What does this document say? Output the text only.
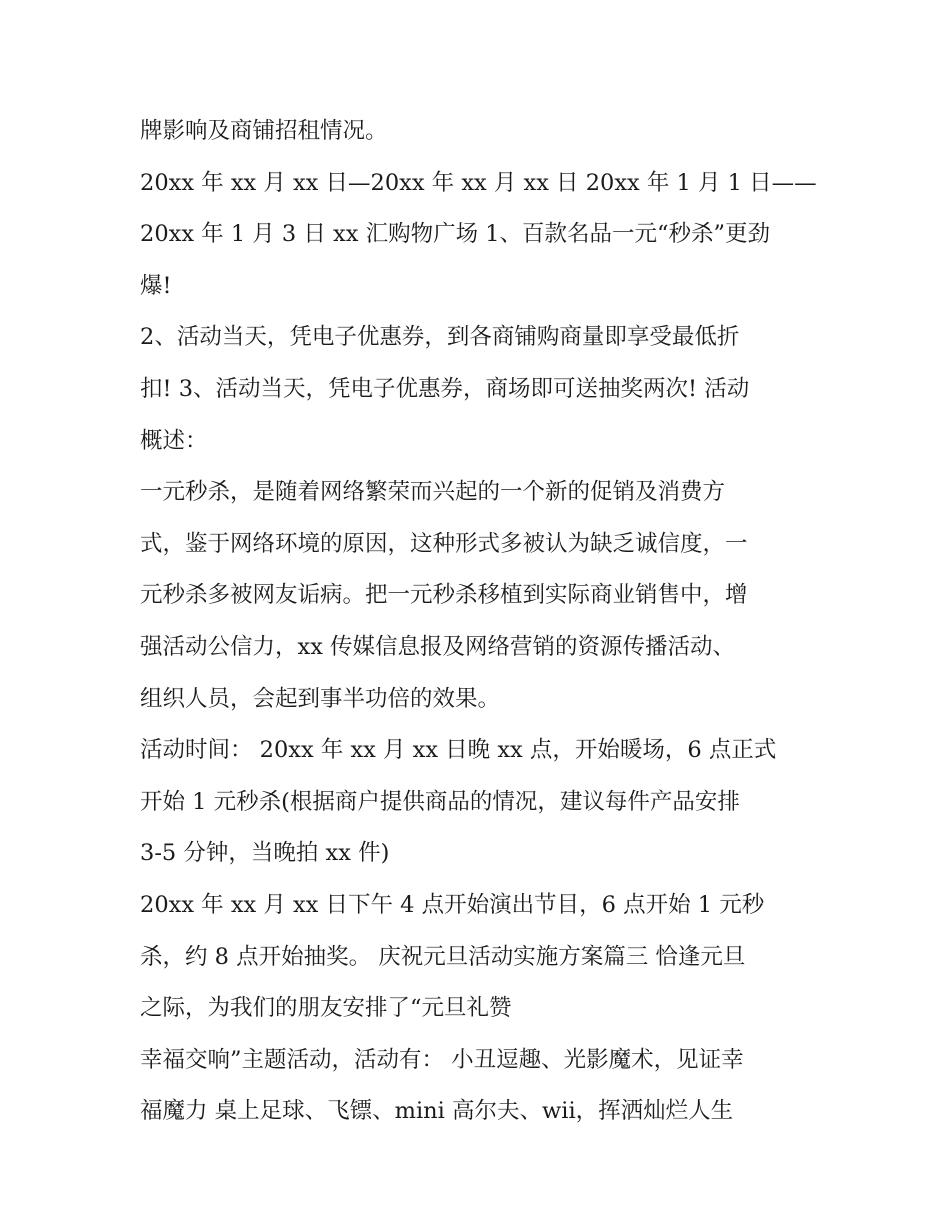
牌影响及商铺招租情况。
20xx 年 xx 月 xx 日—20xx 年 xx 月 xx 日 20xx 年 1 月 1 日——
20xx 年 1 月 3 日 xx 汇购物广场 1、百款名品一元“秒杀”更劲
爆!
2、活动当天，凭电子优惠券，到各商铺购商量即享受最低折
扣! 3、活动当天，凭电子优惠券，商场即可送抽奖两次! 活动
概述：
一元秒杀，是随着网络繁荣而兴起的一个新的促销及消费方
式，鉴于网络环境的原因，这种形式多被认为缺乏诚信度，一
元秒杀多被网友诟病。把一元秒杀移植到实际商业销售中，增
强活动公信力，xx 传媒信息报及网络营销的资源传播活动、
组织人员，会起到事半功倍的效果。
活动时间： 20xx 年 xx 月 xx 日晚 xx 点，开始暖场，6 点正式
开始 1 元秒杀(根据商户提供商品的情况，建议每件产品安排
3-5 分钟，当晚拍 xx 件)
20xx 年 xx 月 xx 日下午 4 点开始演出节目，6 点开始 1 元秒
杀，约 8 点开始抽奖。 庆祝元旦活动实施方案篇三 恰逢元旦
之际，为我们的朋友安排了“元旦礼赞
幸福交响”主题活动，活动有： 小丑逗趣、光影魔术，见证幸
福魔力 桌上足球、飞镖、mini 高尔夫、wii，挥洒灿烂人生
